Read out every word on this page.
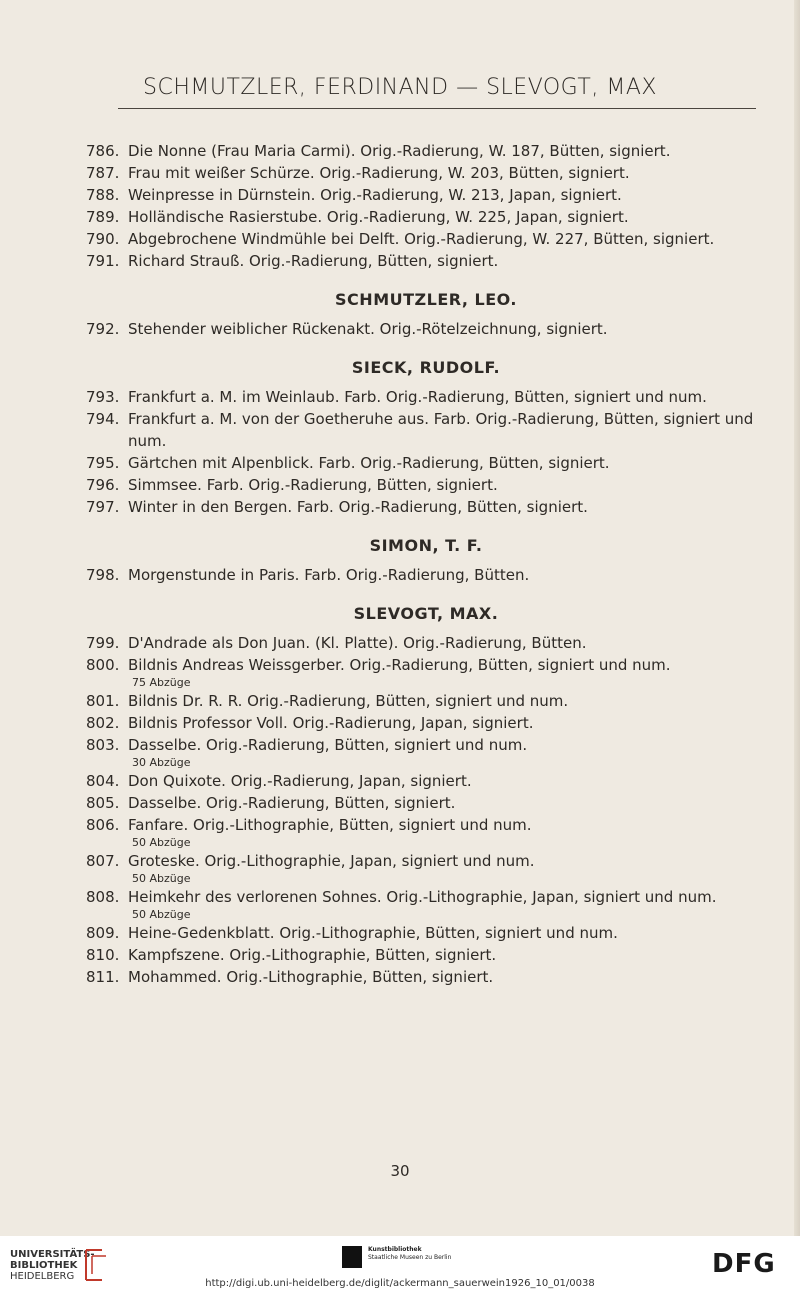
SCHMUTZLER, FERDINAND — SLEVOGT, MAX
786. Die Nonne (Frau Maria Carmi). Orig.-Radierung, W. 187, Bütten, signiert.
787. Frau mit weißer Schürze. Orig.-Radierung, W. 203, Bütten, signiert.
788. Weinpresse in Dürnstein. Orig.-Radierung, W. 213, Japan, signiert.
789. Holländische Rasierstube. Orig.-Radierung, W. 225, Japan, signiert.
790. Abgebrochene Windmühle bei Delft. Orig.-Radierung, W. 227, Bütten, signiert.
791. Richard Strauß. Orig.-Radierung, Bütten, signiert.
SCHMUTZLER, LEO.
792. Stehender weiblicher Rückenakt. Orig.-Rötelzeichnung, signiert.
SIECK, RUDOLF.
793. Frankfurt a. M. im Weinlaub. Farb. Orig.-Radierung, Bütten, signiert und num.
794. Frankfurt a. M. von der Goetheruhe aus. Farb. Orig.-Radierung, Bütten, signiert und num.
795. Gärtchen mit Alpenblick. Farb. Orig.-Radierung, Bütten, signiert.
796. Simmsee. Farb. Orig.-Radierung, Bütten, signiert.
797. Winter in den Bergen. Farb. Orig.-Radierung, Bütten, signiert.
SIMON, T. F.
798. Morgenstunde in Paris. Farb. Orig.-Radierung, Bütten.
SLEVOGT, MAX.
799. D'Andrade als Don Juan. (Kl. Platte). Orig.-Radierung, Bütten.
800. Bildnis Andreas Weissgerber. Orig.-Radierung, Bütten, signiert und num.
75 Abzüge
801. Bildnis Dr. R. R. Orig.-Radierung, Bütten, signiert und num.
802. Bildnis Professor Voll. Orig.-Radierung, Japan, signiert.
803. Dasselbe. Orig.-Radierung, Bütten, signiert und num.
30 Abzüge
804. Don Quixote. Orig.-Radierung, Japan, signiert.
805. Dasselbe. Orig.-Radierung, Bütten, signiert.
806. Fanfare. Orig.-Lithographie, Bütten, signiert und num.
50 Abzüge
807. Groteske. Orig.-Lithographie, Japan, signiert und num.
50 Abzüge
808. Heimkehr des verlorenen Sohnes. Orig.-Lithographie, Japan, signiert und num.
50 Abzüge
809. Heine-Gedenkblatt. Orig.-Lithographie, Bütten, signiert und num.
810. Kampfszene. Orig.-Lithographie, Bütten, signiert.
811. Mohammed. Orig.-Lithographie, Bütten, signiert.
30
UNIVERSITÄTS-
BIBLIOTHEK
HEIDELBERG
Kunstbibliothek
Staatliche Museen zu Berlin	DFG
http://digi.ub.uni-heidelberg.de/diglit/ackermann_sauerwein1926_10_01/0038
